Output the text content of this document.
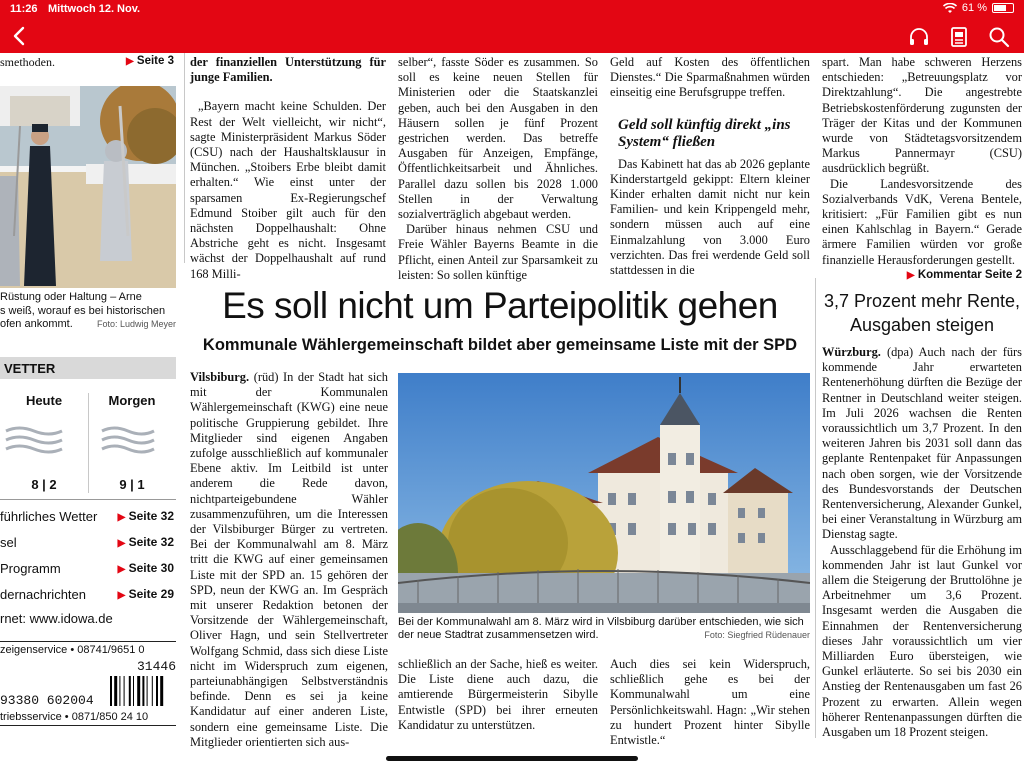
11:26 Mittwoch 12. Nov.	61 %
smethoden.	▶ Seite 3
Rüstung oder Haltung – Arne
s weiß, worauf es bei historischen
ofen ankommt.	Foto: Ludwig Meyer
VETTER
Heute	Morgen
8 | 2	9 | 1
führliches Wetter ▶ Seite 32
sel	▶ Seite 32
Programm	▶ Seite 30
dernachrichten	▶ Seite 29
rnet: www.idowa.de
zeigenservice • 08741/9651 0
31446
93380 602004
triebsservice • 0871/850 24 10

der finanziellen Unterstützung für junge Familien.

„Bayern macht keine Schulden. Der Rest der Welt vielleicht, wir nicht“, sagte Ministerpräsident Markus Söder (CSU) nach der Haushaltsklausur in München. „Stoibers Erbe bleibt damit erhalten.“ Wie einst unter der sparsamen Ex-Regierungschef Edmund Stoiber gilt auch für den nächsten Doppelhaushalt: Ohne Abstriche geht es nicht. Insgesamt wächst der Doppelhaushalt auf rund 168 Milli-

selber“, fasste Söder es zusammen. So soll es keine neuen Stellen für Ministerien oder die Staatskanzlei geben, auch bei den Ausgaben in den Häusern sollen je fünf Prozent gestrichen werden. Das betreffe Ausgaben für Anzeigen, Empfänge, Öffentlichkeitsarbeit und Ähnliches. Parallel dazu sollen bis 2028 1.000 Stellen in der Verwaltung sozialverträglich abgebaut werden.

Darüber hinaus nehmen CSU und Freie Wähler Bayerns Beamte in die Pflicht, einen Anteil zur Sparsamkeit zu leisten: So sollen künftige

Geld auf Kosten des öffentlichen Dienstes.“ Die Sparmaßnahmen würden einseitig eine Berufsgruppe treffen.

Geld soll künftig direkt „ins System“ fließen

Das Kabinett hat das ab 2026 geplante Kinderstartgeld gekippt: Eltern kleiner Kinder erhalten damit nicht nur kein Familien- und kein Krippengeld mehr, sondern müssen auch auf eine Einmalzahlung von 3.000 Euro verzichten. Das frei werdende Geld soll stattdessen in die

spart. Man habe schweren Herzens entschieden: „Betreuungsplatz vor Direktzahlung“. Die angestrebte Betriebskostenförderung zugunsten der Träger der Kitas und der Kommunen wurde von Städtetagsvorsitzendem Markus Pannermayr (CSU) ausdrücklich begrüßt.

Die Landesvorsitzende des Sozialverbands VdK, Verena Bentele, kritisiert: „Für Familien gibt es nun einen Kahlschlag in Bayern.“ Gerade ärmere Familien würden vor große finanzielle Herausforderungen gestellt.

▶ Kommentar Seite 2

Es soll nicht um Parteipolitik gehen
Kommunale Wählergemeinschaft bildet aber gemeinsame Liste mit der SPD

Vilsbiburg. (rüd) In der Stadt hat sich mit der Kommunalen Wählergemeinschaft (KWG) eine neue politische Gruppierung gebildet. Ihre Mitglieder sind eigenen Angaben zufolge ausschließlich auf kommunaler Ebene aktiv. Im Leitbild ist unter anderem die Rede davon, nichtparteigebundene Wähler zusammenzuführen, um die Interessen der Vilsbiburger Bürger zu vertreten. Bei der Kommunalwahl am 8. März tritt die KWG auf einer gemeinsamen Liste mit der SPD an. 15 gehören der SPD, neun der KWG an. Im Gespräch mit unserer Redaktion betonen der Vorsitzende der Wählergemeinschaft, Oliver Hagn, und sein Stellvertreter Wolfgang Schmid, dass sich diese Liste nicht im Widerspruch zum eigenen, parteiunabhängigen Selbstverständnis befinde. Denn es sei ja keine Kandidatur auf einer anderen Liste, sondern eine gemeinsame Liste. Die Mitglieder orientierten sich aus-

Bei der Kommunalwahl am 8. März wird in Vilsbiburg darüber entschieden, wie sich der neue Stadtrat zusammensetzen wird.	Foto: Siegfried Rüdenauer

schließlich an der Sache, hieß es weiter. Die Liste diene auch dazu, die amtierende Bürgermeisterin Sibylle Entwistle (SPD) bei ihrer erneuten Kandidatur zu unterstützen.

Auch dies sei kein Widerspruch, schließlich gehe es bei der Kommunalwahl um eine Persönlichkeitswahl. Hagn: „Wir stehen zu hundert Prozent hinter Sibylle Entwistle.“

3,7 Prozent mehr Rente,
Ausgaben steigen

Würzburg. (dpa) Auch nach der fürs kommende Jahr erwarteten Rentenerhöhung dürften die Bezüge der Rentner in Deutschland weiter steigen. Im Juli 2026 wachsen die Renten voraussichtlich um 3,7 Prozent. In den weiteren Jahren bis 2031 soll dann das geplante Rentenpaket für Anpassungen nach oben sorgen, wie der Vorsitzende des Bundesvorstands der Deutschen Rentenversicherung, Alexander Gunkel, bei einer Veranstaltung in Würzburg am Dienstag sagte.

Ausschlaggebend für die Erhöhung im kommenden Jahr ist laut Gunkel vor allem die Steigerung der Bruttolöhne je Arbeitnehmer um 3,6 Prozent. Insgesamt werden die Ausgaben die Einnahmen der Rentenversicherung dieses Jahr voraussichtlich um vier Milliarden Euro übersteigen, wie Gunkel erläuterte. So sei bis 2030 ein Anstieg der Rentenausgaben um fast 26 Prozent zu erwarten. Allein wegen höherer Rentenanpassungen dürften die Ausgaben um 18 Prozent steigen.
